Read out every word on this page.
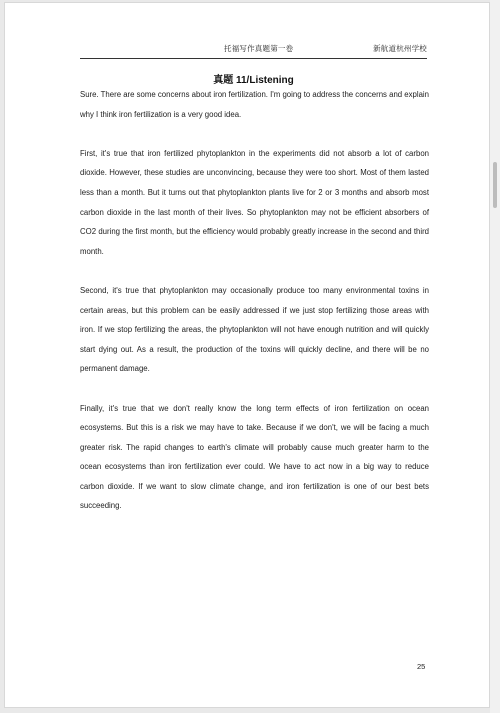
托福写作真题第一卷	新航道杭州学校
真题 11/Listening

Sure. There are some concerns about iron fertilization. I'm going to address the concerns and explain why I think iron fertilization is a very good idea.

First, it's true that iron fertilized phytoplankton in the experiments did not absorb a lot of carbon dioxide. However, these studies are unconvincing, because they were too short. Most of them lasted less than a month. But it turns out that phytoplankton plants live for 2 or 3 months and absorb most carbon dioxide in the last month of their lives. So phytoplankton may not be efficient absorbers of CO2 during the first month, but the efficiency would probably greatly increase in the second and third month.

Second, it's true that phytoplankton may occasionally produce too many environmental toxins in certain areas, but this problem can be easily addressed if we just stop fertilizing those areas with iron. If we stop fertilizing the areas, the phytoplankton will not have enough nutrition and will quickly start dying out. As a result, the production of the toxins will quickly decline, and there will be no permanent damage.

Finally, it's true that we don't really know the long term effects of iron fertilization on ocean ecosystems. But this is a risk we may have to take. Because if we don't, we will be facing a much greater risk. The rapid changes to earth's climate will probably cause much greater harm to the ocean ecosystems than iron fertilization ever could. We have to act now in a big way to reduce carbon dioxide. If we want to slow climate change, and iron fertilization is one of our best bets succeeding.

25
